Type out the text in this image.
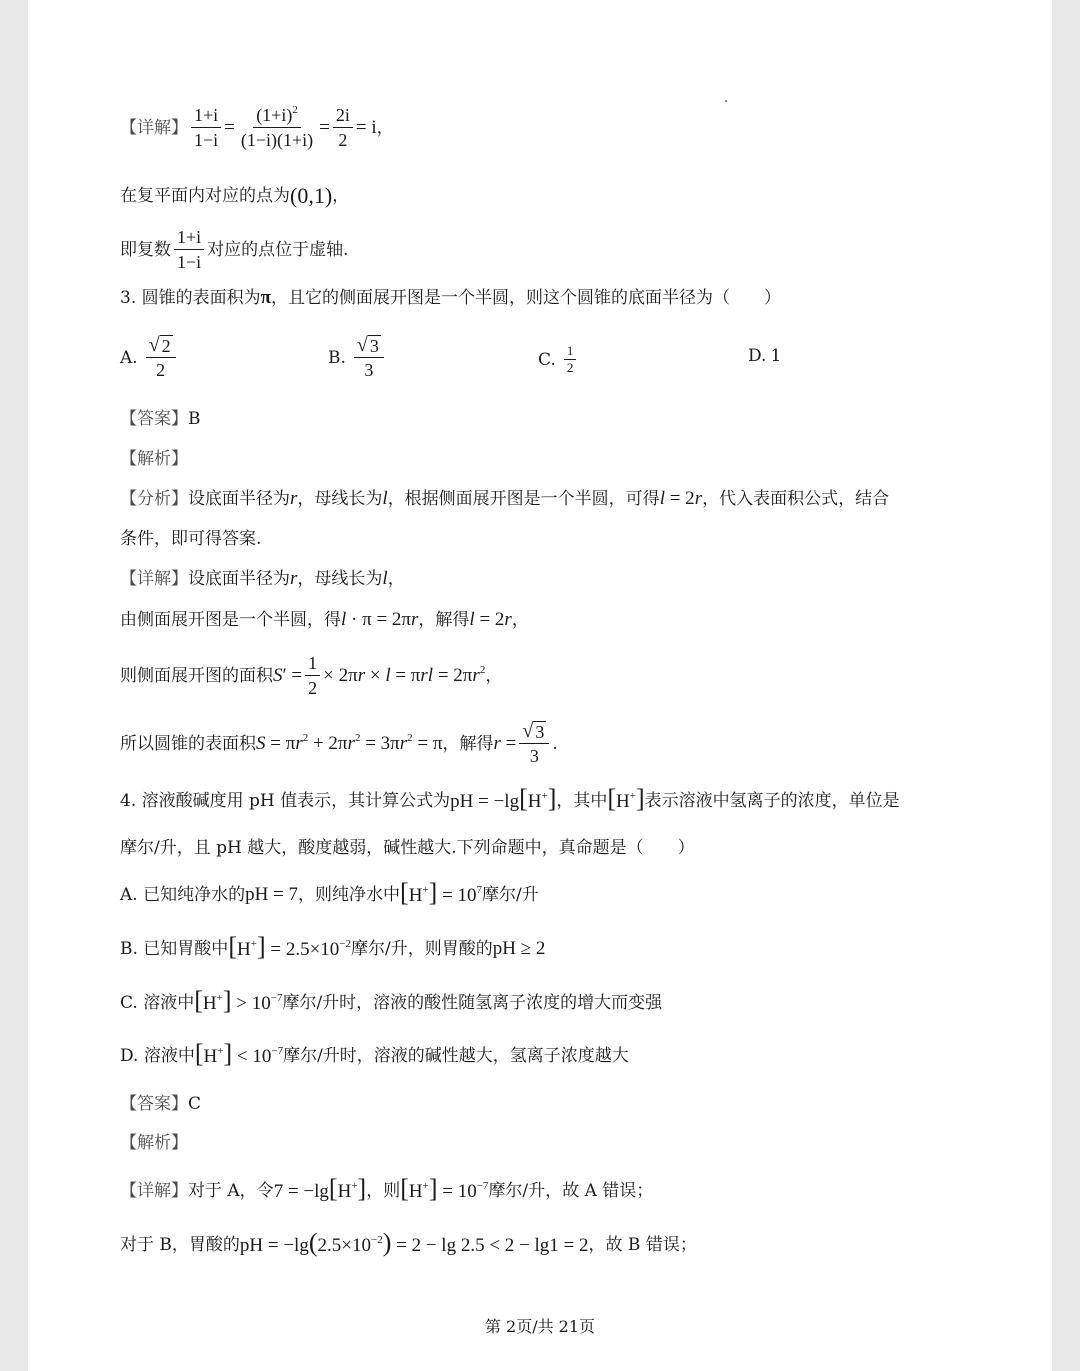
【详解】 $\frac{1+i}{1-i} = \frac{(1+i)^2}{(1-i)(1+i)} = \frac{2i}{2} = i$ ，
在复平面内对应的点为 (0,1) ，
即复数 $\frac{1+i}{1-i}$ 对应的点位于虚轴.
3. 圆锥的表面积为 π ，且它的侧面展开图是一个半圆，则这个圆锥的底面半径为（　　）
A. $\frac{√ 2}{2}$	B. $\frac{√ 3}{3}$	C. $\frac{1}{2}$	D. 1
【答案】 B
【解析】
【分析】 设底面半径为 r ，母线长为 l ，根据侧面展开图是一个半圆，可得 l = 2r ，代入表面积公式，结合
条件，即可得答案.
【详解】 设底面半径为 r ，母线长为 l ，
由侧面展开图是一个半圆，得 l · π = 2πr ，解得 l = 2r ，
则侧面展开图的面积 $S' = \frac{1}{2} \times 2\pi r \times l = \pi rl = 2\pi r^2$ ，
所以圆锥的表面积 $S = \pi r^2 + 2\pi r^2 = 3\pi r^2 = \pi$ ，解得 $r = \frac{√ 3}{3}$ .
4. 溶液酸碱度用 pH 值表示，其计算公式为 pH = −lg[H+] ，其中 [H+] 表示溶液中氢离子的浓度，单位是
摩尔/升，且 pH 越大，酸度越弱，碱性越大.下列命题中，真命题是（　　）
A. 已知纯净水的 pH = 7 ，则纯净水中 $[H^+] = 10^7$ 摩尔/升
B. 已知胃酸中 $[H^+] = 2.5\times 10^{-2}$ 摩尔/升，则胃酸的 pH ≥ 2
C. 溶液中 $[H^+] > 10^{-7}$ 摩尔/升时，溶液的酸性随氢离子浓度的增大而变强
D. 溶液中 $[H^+] < 10^{-7}$ 摩尔/升时，溶液的碱性越大，氢离子浓度越大
【答案】 C
【解析】
【详解】 对于 A，令 7 = −lg[H+] ，则 $[H^+] = 10^{-7}$ 摩尔/升，故 A 错误；
对于 B，胃酸的 pH = $-\lg(2.5\times 10^{-2}) = 2 - \lg 2.5 < 2 - \lg 1 = 2$ ，故 B 错误；
第 2页/共 21页
